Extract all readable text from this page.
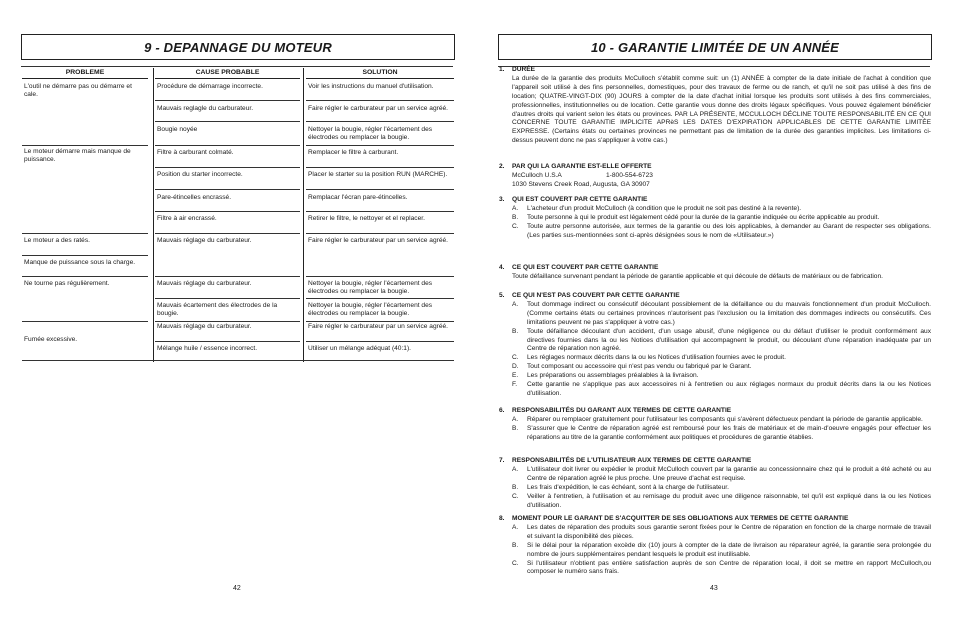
9 - DEPANNAGE DU MOTEUR
PROBLEME
L'outil ne démarre pas ou démarre et cale.
Le moteur démarre mais manque de puissance.
Le moteur a des ratés.
Manque de puissance sous la charge.
Ne tourne pas régulièrement.
Fumée excessive.
CAUSE PROBABLE
Procédure de démarrage incorrecte.
Mauvais reglagle du carburateur.
Bougie noyée
Filtre à carburant colmaté.
Position du starter incorrecte.
Pare-étincelles encrassé.
Filtre à air encrassé.
Mauvais réglage du carburateur.
Mauvais réglage du carburateur.
Mauvais écartement des électrodes de la bougie.
Mauvais réglage du carburateur.
Mélange huile / essence incorrect.
SOLUTION
Voir les instructions du manuel d'utilisation.
Faire régler le carburateur par un service agréé.
Nettoyer la bougie, régler l'écartement des électrodes ou remplacer la bougie.
Remplacer le filtre à carburant.
Placer le starter su la position RUN (MARCHE).
Remplacar l'écran pare-étincelles.
Retirer le filtre, le nettoyer et el replacer.
Faire régler le carburateur par un service agréé.
Nettoyer la bougie, régler l'écartement des électrodes ou remplacer la bougie.
Nettoyer la bougie, régler l'écartement des électrodes ou remplacer la bougie.
Faire régler le carburateur par un service agréé.
Utiliser un mélange adéquat (40:1).
42
10 - GARANTIE LIMITÉE DE UN ANNÉE
1. DURÉE
La durée de la garantie des produits McCulloch s'établit comme suit: un (1) ANNÉE à compter de la date initiale de l'achat à condition que l'appareil soit utilisé à des fins personnelles, domestiques, pour des travaux de ferme ou de ranch, et qu'il ne soit pas utilisé à des fins de location; QUATRE-VINGT-DIX (90) JOURS à compter de la date d'achat initial lorsque les produits sont utilisés à des fins commerciales, professionnelles, institutionnelles ou de location. Cette garantie vous donne des droits légaux spécifiques. Vous pouvez également bénéficier d'autres droits qui varient selon les états ou provinces. PAR LA PRÉSENTE, MCCULLOCH DÉCLINE TOUTE RESPONSABILITÉ EN CE QUI CONCERNE TOUTE GARANTIE IMPLICITE APRèS LES DATES D'EXPIRATION APPLICABLES DE CETTE GARANTIE LIMITÉE EXPRESSE. (Certains états ou certaines provinces ne permettant pas de limitation de la durée des garanties implicites. Les limitations ci-dessus peuvent donc ne pas s'appliquer à votre cas.)
2. PAR QUI LA GARANTIE EST-ELLE OFFERTE
McCulloch U.S.A	1-800-554-6723
1030 Stevens Creek Road, Augusta, GA 30907
3. QUI EST COUVERT PAR CETTE GARANTIE
A. L'acheteur d'un produit McCulloch (à condition que le produit ne soit pas destiné à la revente).
B. Toute personne à qui le produit est légalement cédé pour la durée de la garantie indiquée ou écrite applicable au produit.
C. Toute autre personne autorisée, aux termes de la garantie ou des lois applicables, à demander au Garant de respecter ses obligations. (Les parties sus-mentionnées sont ci-après désignées sous le nom de «Utilisateur.»)
4. CE QUI EST COUVERT PAR CETTE GARANTIE
Toute défaillance survenant pendant la période de garantie applicable et qui découle de défauts de matériaux ou de fabrication.
5. CE QUI N'EST PAS COUVERT PAR CETTE GARANTIE
A. Tout dommage indirect ou consécutif découlant possiblement de la défaillance ou du mauvais fonctionnement d'un produit McCulloch. (Comme certains états ou certaines provinces n'autorisent pas l'exclusion ou la limitation des dommages indirects ou consécutifs. Ces limitations peuvent ne pas s'appliquer à votre cas.)
B. Toute défaillance découlant d'un accident, d'un usage abusif, d'une négligence ou du défaut d'utiliser le produit conformément aux directives fournies dans la ou les Notices d'utilisation qui accompagnent le produit, ou découlant d'une réparation inadéquate par un Centre de réparation non agréé.
C. Les réglages normaux décrits dans la ou les Notices d'utilisation fournies avec le produit.
D. Tout composant ou accessoire qui n'est pas vendu ou fabriqué par le Garant.
E. Les préparations ou assemblages préalables à la livraison.
F. Cette garantie ne s'applique pas aux accessoires ni à l'entretien ou aux réglages normaux du produit décrits dans la ou les Notices d'utilisation.
6. RESPONSABILITÉS DU GARANT AUX TERMES DE CETTE GARANTIE
A. Réparer ou remplacer gratuitement pour l'utilisateur les composants qui s'avèrent défectueux pendant la période de garantie applicable.
B. S'assurer que le Centre de réparation agréé est remboursé pour les frais de matériaux et de main-d'oeuvre engagés pour effectuer les réparations au titre de la garantie conformément aux politiques et procédures de garantie établies.
7. RESPONSABILITÉS DE L'UTILISATEUR AUX TERMES DE CETTE GARANTIE
A. L'utilisateur doit livrer ou expédier le produit McCulloch couvert par la garantie au concessionnaire chez qui le produit a été acheté ou au Centre de réparation agréé le plus proche. Une preuve d'achat est requise.
B. Les frais d'expédition, le cas échéant, sont à la charge de l'utilisateur.
C. Veiller à l'entretien, à l'utilisation et au remisage du produit avec une diligence raisonnable, tel qu'il est expliqué dans la ou les Notices d'utilisation.
8. MOMENT POUR LE GARANT DE S'ACQUITTER DE SES OBLIGATIONS AUX TERMES DE CETTE GARANTIE
A. Les dates de réparation des produits sous garantie seront fixées pour le Centre de réparation en fonction de la charge normale de travail et suivant la disponibilité des pièces.
B. Si le délai pour la réparation excède dix (10) jours à compter de la date de livraison au réparateur agréé, la garantie sera prolongée du nombre de jours supplémentaires pendant lesquels le produit est inutilisable.
C. Si l'utilisateur n'obtient pas entière satisfaction auprès de son Centre de réparation local, il doit se mettre en rapport McCulloch,ou composer le numéro sans frais.
43
